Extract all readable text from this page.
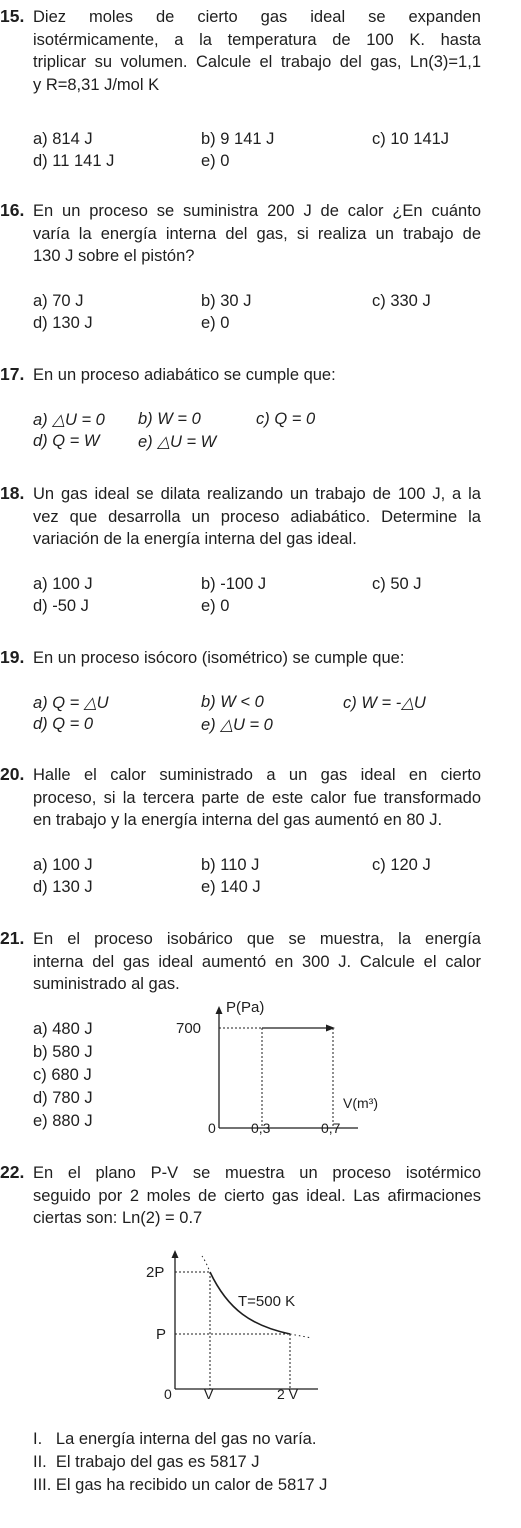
15. Diez moles de cierto gas ideal se expanden
isotérmicamente, a la temperatura de 100 K. hasta
triplicar su volumen. Calcule el trabajo del gas, Ln(3)=1,1
y R=8,31 J/mol K
a) 814 J	b) 9 141 J	c) 10 141J
d) 11 141 J	e) 0
16. En un proceso se suministra 200 J de calor ¿En cuánto
varía la energía interna del gas, si realiza un trabajo de
130 J sobre el pistón?
a) 70 J	b) 30 J	c) 330 J
d) 130 J	e) 0
17. En un proceso adiabático se cumple que:
a) △U = 0 b) W = 0	c) Q = 0
d) Q = W e) △U = W
18. Un gas ideal se dilata realizando un trabajo de 100 J, a la
vez que desarrolla un proceso adiabático. Determine la
variación de la energía interna del gas ideal.
a) 100 J	b) -100 J	c) 50 J
d) -50 J	e) 0
19. En un proceso isócoro (isométrico) se cumple que:
a) Q = △U	b) W < 0	c) W = -△U
d) Q = 0	e) △U = 0
20. Halle el calor suministrado a un gas ideal en cierto
proceso, si la tercera parte de este calor fue transformado
en trabajo y la energía interna del gas aumentó en 80 J.
a) 100 J	b) 110 J	c) 120 J
d) 130 J	e) 140 J
21. En el proceso isobárico que se muestra, la energía
interna del gas ideal aumentó en 300 J. Calcule el calor
suministrado al gas.
a) 480 J
b) 580 J
c) 680 J
d) 780 J
e) 880 J
P(Pa)
700
V(m³)
0	0,3	0,7
22. En el plano P-V se muestra un proceso isotérmico
seguido por 2 moles de cierto gas ideal. Las afirmaciones
ciertas son: Ln(2) = 0.7
2P
P
0 V	2 V
T=500 K
I.   La energía interna del gas no varía.
II.  El trabajo del gas es 5817 J
III. El gas ha recibido un calor de 5817 J
